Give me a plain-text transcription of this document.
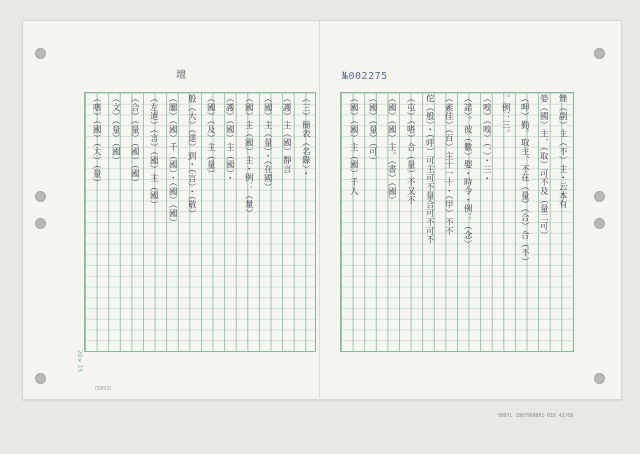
壇	№002275
矬（副）主（不）主・云本有
嫈（國）主、（取）可不及（量二可）
（呷）勤。取主、不在（量）（合）合（不）
。例：三。
（嗅）（嗅）（、）・三・
（諾）。彼（數）嬰・時令・例：（念）
（素佳）（百）主十一十・（甲）不不
佗（般）・（呼）可主可不量合可不可不
（屯）（嗒）合（量）不又不
（國）（國）主。（書）（國）
（國）（量）（可）
（國）（國）主（國）千人
（三）簡表（名錄）・
（護）主（國）靜言
（國）主（量）・（在國）
（國）主（國）主・例：（量）
（護）（國）主（國）・
（國）（及）主（量）
般（大）（達）到・（言）・（敬）
（嚻）（國）千（國）・（國）（國）
（左道）（言）（國）主（國）
（合）（量）（國）（國）
（文）（量）（國）
（嗜）（國）（大）（量）
20×15
(5803)
0097L 1987960001-010 43/68
